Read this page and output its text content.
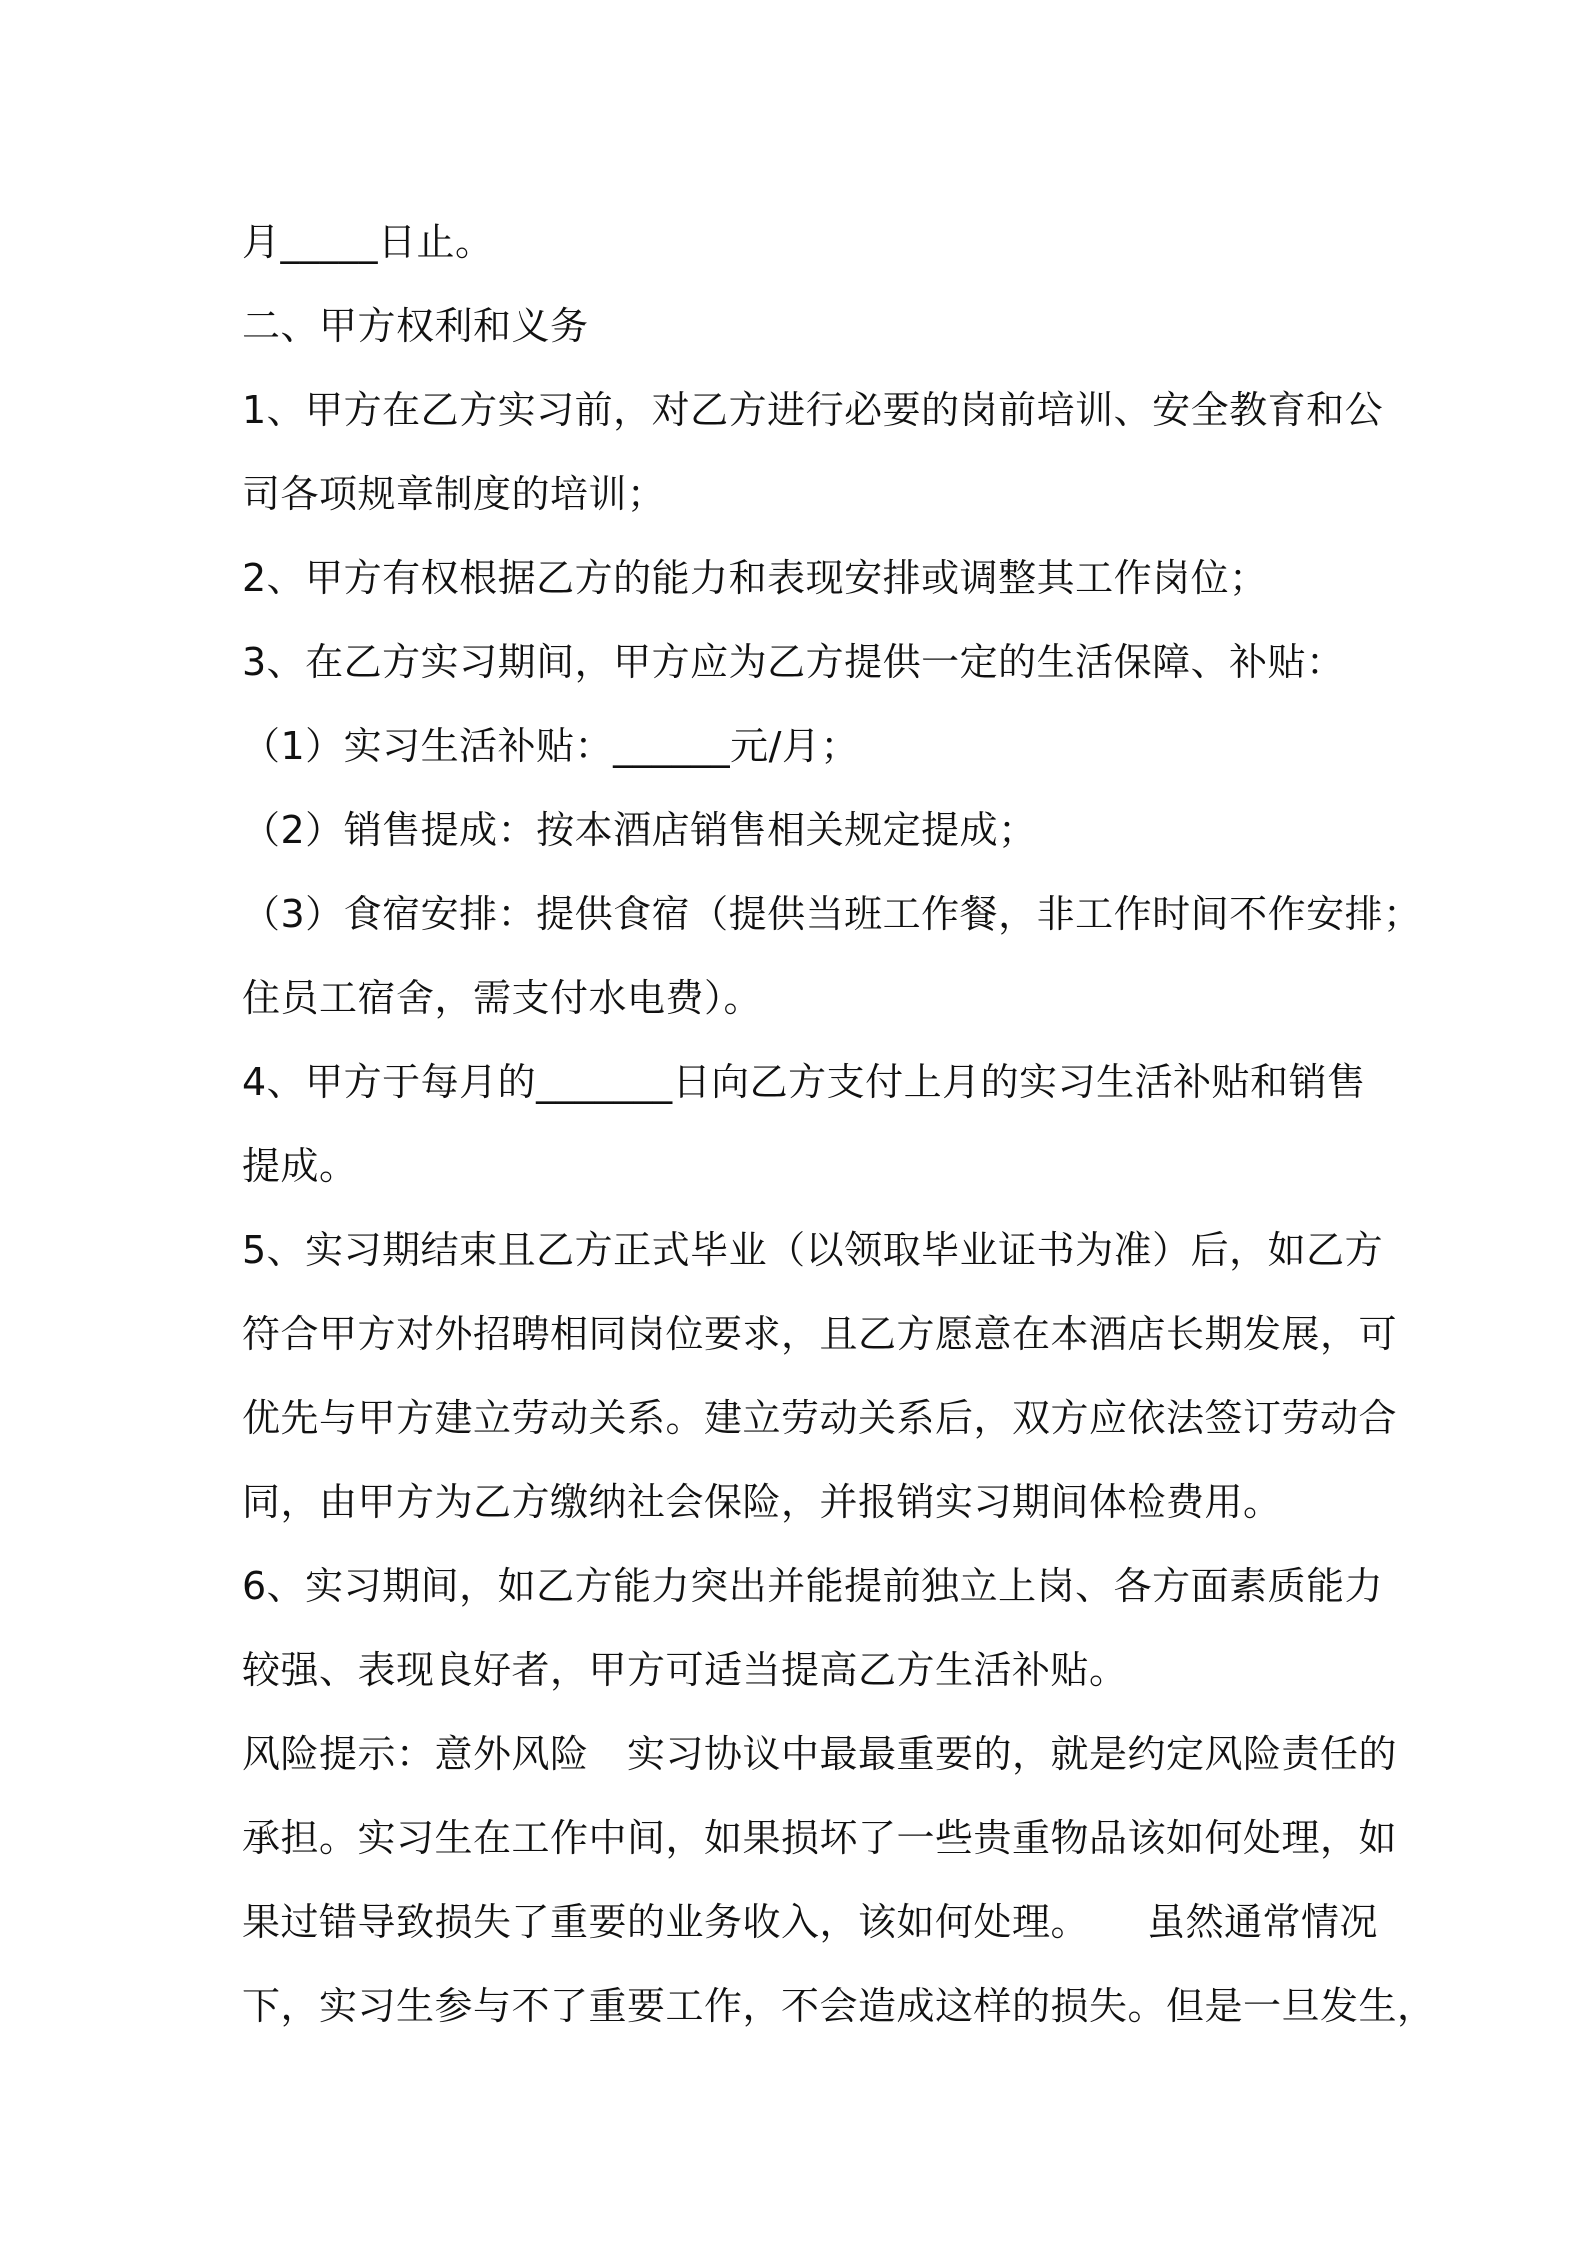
月_____日止。
二、甲方权利和义务
1、甲方在乙方实习前，对乙方进行必要的岗前培训、安全教育和公
司各项规章制度的培训；
2、甲方有权根据乙方的能力和表现安排或调整其工作岗位；
3、在乙方实习期间，甲方应为乙方提供一定的生活保障、补贴：
（1）实习生活补贴：______元/月；
（2）销售提成：按本酒店销售相关规定提成；
（3）食宿安排：提供食宿（提供当班工作餐，非工作时间不作安排；
住员工宿舍，需支付水电费）。
4、甲方于每月的_______日向乙方支付上月的实习生活补贴和销售
提成。
5、实习期结束且乙方正式毕业（以领取毕业证书为准）后，如乙方
符合甲方对外招聘相同岗位要求，且乙方愿意在本酒店长期发展，可
优先与甲方建立劳动关系。建立劳动关系后，双方应依法签订劳动合
同，由甲方为乙方缴纳社会保险，并报销实习期间体检费用。
6、实习期间，如乙方能力突出并能提前独立上岗、各方面素质能力
较强、表现良好者，甲方可适当提高乙方生活补贴。
风险提示：意外风险　实习协议中最最重要的，就是约定风险责任的
承担。实习生在工作中间，如果损坏了一些贵重物品该如何处理，如
果过错导致损失了重要的业务收入，该如何处理。　　虽然通常情况
下，实习生参与不了重要工作，不会造成这样的损失。但是一旦发生，
